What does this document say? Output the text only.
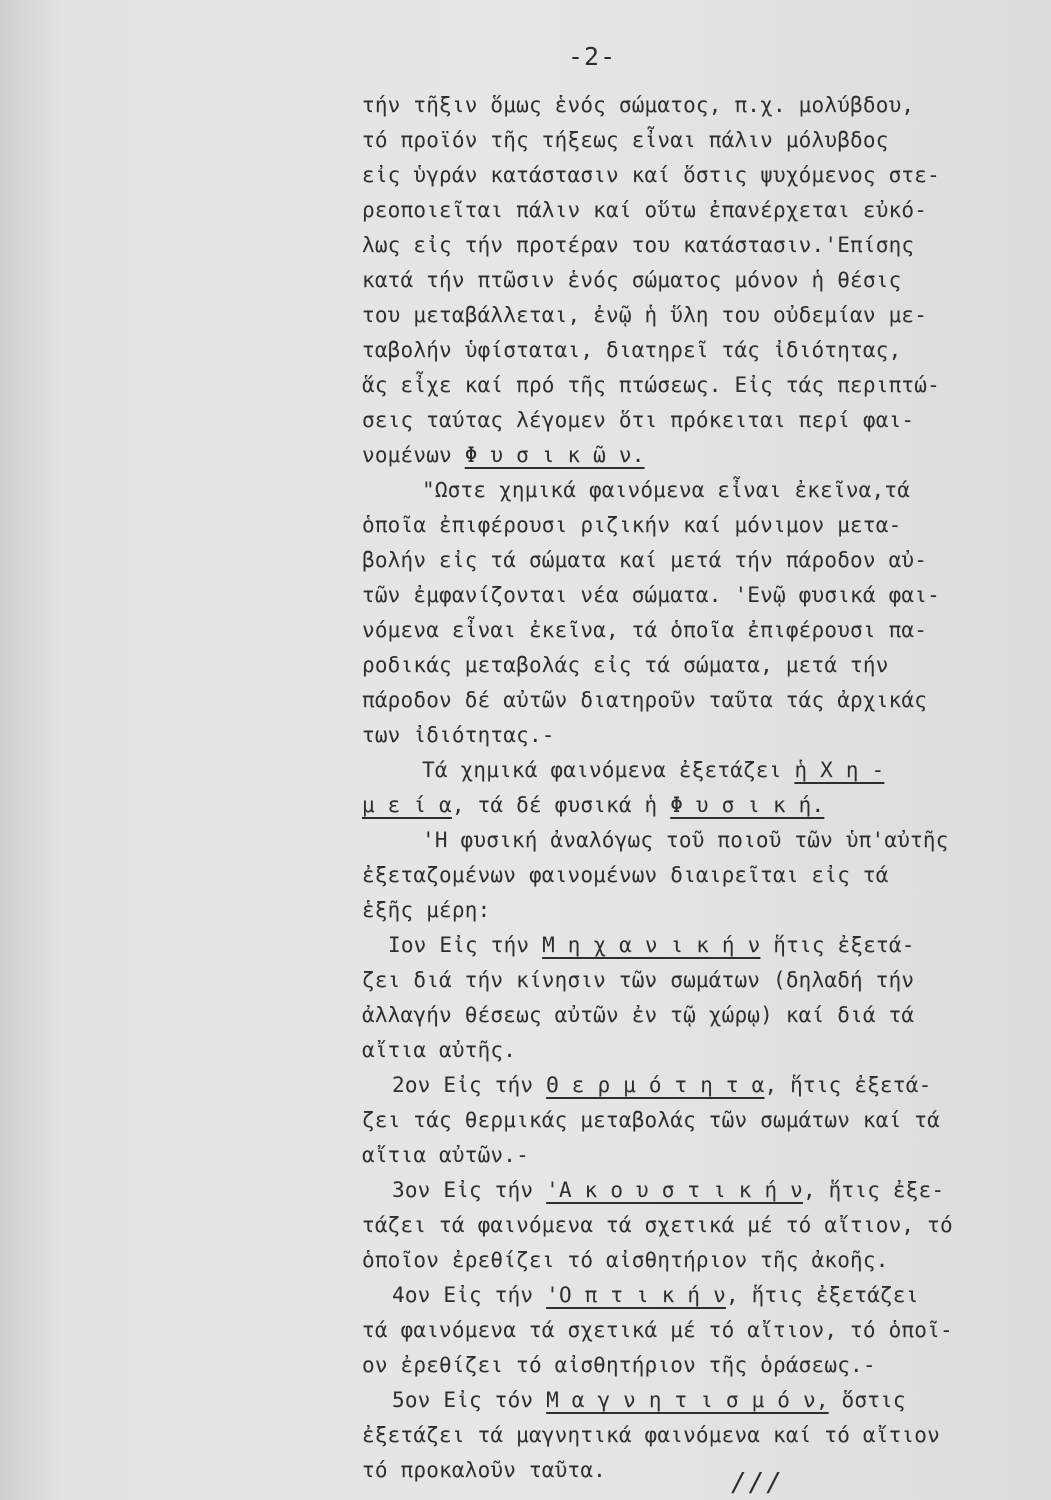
-2-
τήν τῆξιν ὅμως ἑνός σώματος, π.χ. μολύβδου,
τό προϊόν τῆς τήξεως εἶναι πάλιν μόλυβδος
εἰς ὑγράν κατάστασιν καί ὅστις ψυχόμενος στε-
ρεοποιεῖται πάλιν καί οὕτω ἐπανέρχεται εὐκό-
λως εἰς τήν προτέραν του κατάστασιν.'Επίσης
κατά τήν πτῶσιν ἑνός σώματος μόνον ἡ θέσις
του μεταβάλλεται, ἐνῷ ἡ ὕλη του οὐδεμίαν με-
ταβολήν ὑφίσταται, διατηρεῖ τάς ἰδιότητας,
ἅς εἶχε καί πρό τῆς πτώσεως. Εἰς τάς περιπτώ-
σεις ταύτας λέγομεν ὅτι πρόκειται περί φαι-
νομένων Φ υ σ ι κ ῶ ν.
"Ωστε χημικά φαινόμενα εἶναι ἐκεῖνα,τά
ὁποῖα ἐπιφέρουσι ριζικήν καί μόνιμον μετα-
βολήν εἰς τά σώματα καί μετά τήν πάροδον αὐ-
τῶν ἐμφανίζονται νέα σώματα. 'Ενῷ φυσικά φαι-
νόμενα εἶναι ἐκεῖνα, τά ὁποῖα ἐπιφέρουσι πα-
ροδικάς μεταβολάς εἰς τά σώματα, μετά τήν
πάροδον δέ αὐτῶν διατηροῦν ταῦτα τάς ἀρχικάς
των ἰδιότητας.-
Τά χημικά φαινόμενα ἐξετάζει ἡ Χ η -
μ ε ί α, τά δέ φυσικά ἡ Φ υ σ ι κ ή.
'Η φυσική ἀναλόγως τοῦ ποιοῦ τῶν ὑπ'αὐτῆς
ἐξεταζομένων φαινομένων διαιρεῖται εἰς τά
ἑξῆς μέρη:
Ιον Εἰς τήν Μ η χ α ν ι κ ή ν ἥτις ἐξετά-
ζει διά τήν κίνησιν τῶν σωμάτων (δηλαδή τήν
ἀλλαγήν θέσεως αὐτῶν ἐν τῷ χώρῳ) καί διά τά
αἴτια αὐτῆς.
2ον Εἰς τήν Θ ε ρ μ ό τ η τ α, ἥτις ἐξετά-
ζει τάς θερμικάς μεταβολάς τῶν σωμάτων καί τά
αἴτια αὐτῶν.-
3ον Εἰς τήν 'Α κ ο υ σ τ ι κ ή ν, ἥτις ἐξε-
τάζει τά φαινόμενα τά σχετικά μέ τό αἴτιον, τό
ὁποῖον ἐρεθίζει τό αἰσθητήριον τῆς ἀκοῆς.
4ον Εἰς τήν 'Ο π τ ι κ ή ν, ἥτις ἐξετάζει
τά φαινόμενα τά σχετικά μέ τό αἴτιον, τό ὁποῖ-
ον ἐρεθίζει τό αἰσθητήριον τῆς ὁράσεως.-
5ον Εἰς τόν Μ α γ ν η τ ι σ μ ό ν, ὅστις
ἐξετάζει τά μαγνητικά φαινόμενα καί τό αἴτιον
τό προκαλοῦν ταῦτα.	///
